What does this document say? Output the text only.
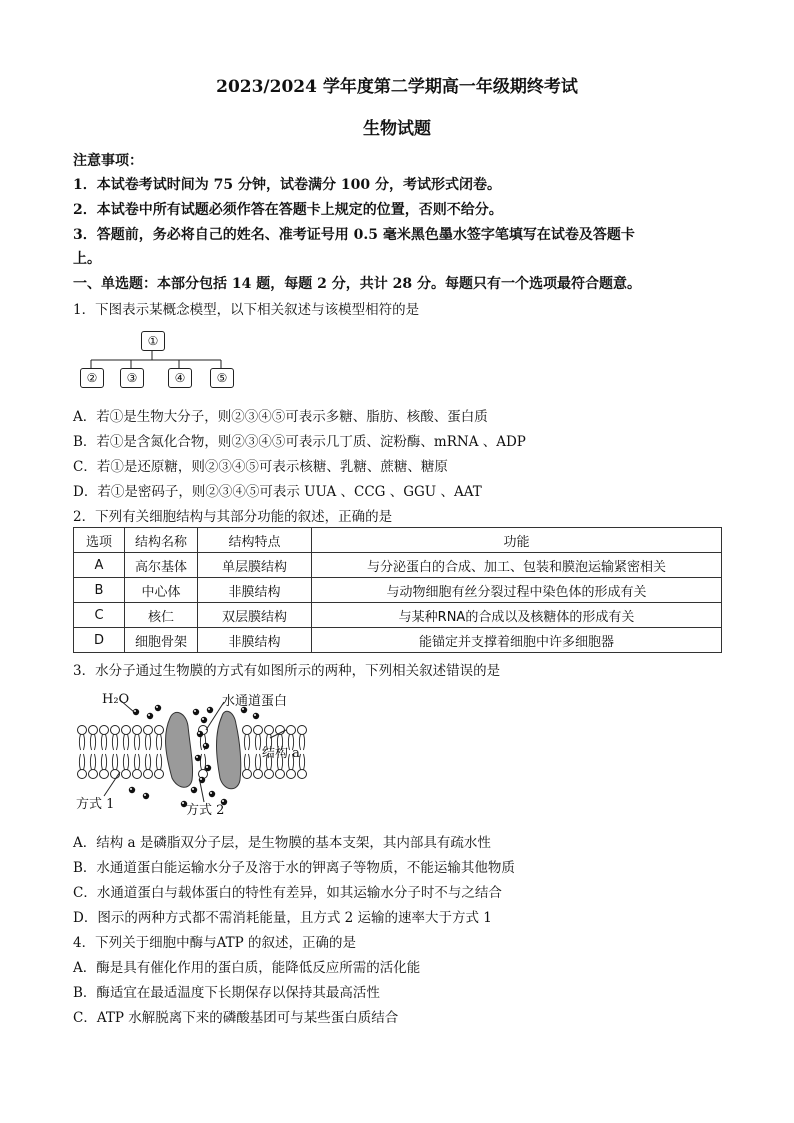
2023/2024 学年度第二学期高一年级期终考试
生物试题
注意事项：
1．本试卷考试时间为 75 分钟，试卷满分 100 分，考试形式闭卷。
2．本试卷中所有试题必须作答在答题卡上规定的位置，否则不给分。
3．答题前，务必将自己的姓名、准考证号用 0.5 毫米黑色墨水签字笔填写在试卷及答题卡
上。
一、单选题：本部分包括 14 题，每题 2 分，共计 28 分。每题只有一个选项最符合题意。
1．下图表示某概念模型，以下相关叙述与该模型相符的是
①
②	③	④	⑤
A．若①是生物大分子，则②③④⑤可表示多糖、脂肪、核酸、蛋白质
B．若①是含氮化合物，则②③④⑤可表示几丁质、淀粉酶、mRNA 、ADP
C．若①是还原糖，则②③④⑤可表示核糖、乳糖、蔗糖、糖原
D．若①是密码子，则②③④⑤可表示 UUA 、CCG 、GGU 、AAT
2．下列有关细胞结构与其部分功能的叙述，正确的是
选项	结构名称	结构特点	功能
A	高尔基体	单层膜结构	与分泌蛋白的合成、加工、包装和膜泡运输紧密相关
B	中心体	非膜结构	与动物细胞有丝分裂过程中染色体的形成有关
C	核仁	双层膜结构	与某种RNA的合成以及核糖体的形成有关
D	细胞骨架	非膜结构	能锚定并支撑着细胞中许多细胞器
3．水分子通过生物膜的方式有如图所示的两种，下列相关叙述错误的是
H₂O	水通道蛋白
结构 a
方式 1	方式 2
A．结构 a 是磷脂双分子层，是生物膜的基本支架，其内部具有疏水性
B．水通道蛋白能运输水分子及溶于水的钾离子等物质，不能运输其他物质
C．水通道蛋白与载体蛋白的特性有差异，如其运输水分子时不与之结合
D．图示的两种方式都不需消耗能量，且方式 2 运输的速率大于方式 1
4．下列关于细胞中酶与ATP 的叙述，正确的是
A．酶是具有催化作用的蛋白质，能降低反应所需的活化能
B．酶适宜在最适温度下长期保存以保持其最高活性
C．ATP 水解脱离下来的磷酸基团可与某些蛋白质结合
